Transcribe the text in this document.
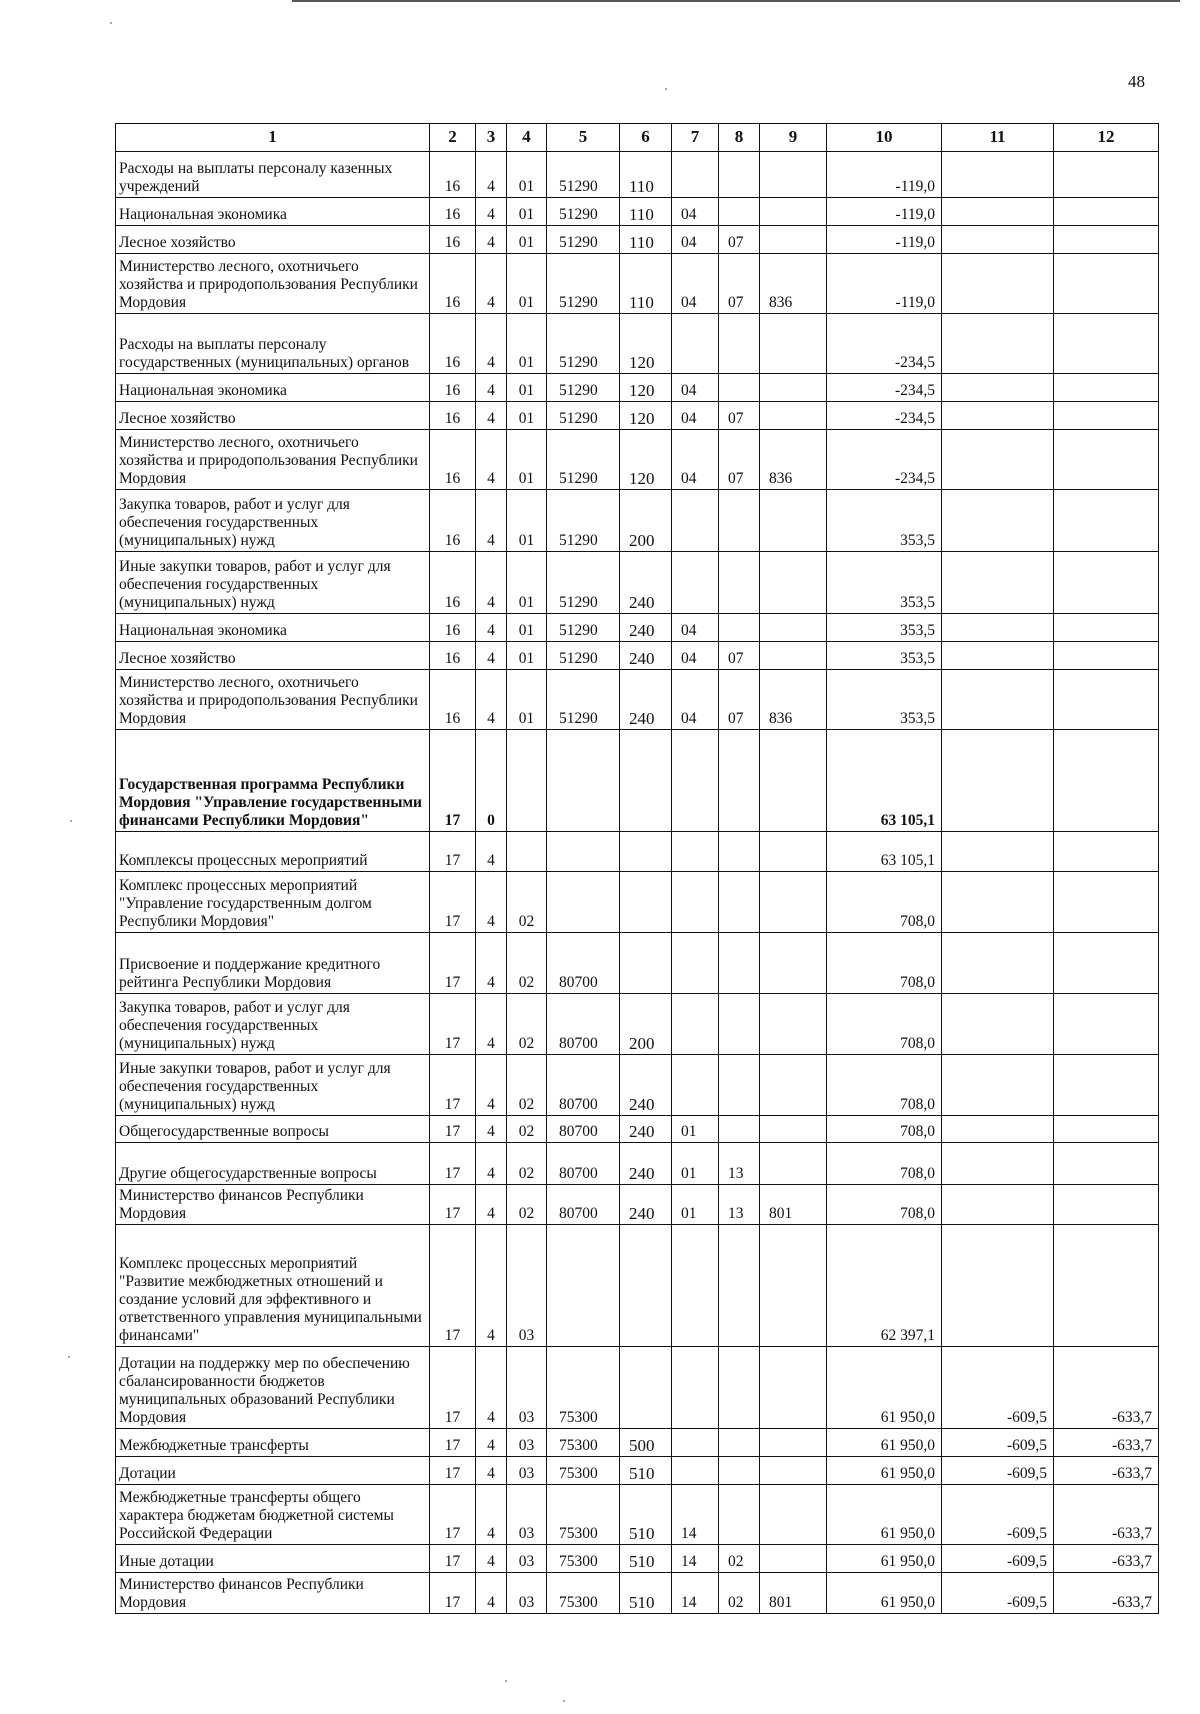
48
1	2	3	4	5	6	7	8	9	10	11	12
Расходы на выплаты персоналу казенных учреждений	16	4	01	51290	110				-119,0		
Национальная экономика	16	4	01	51290	110	04			-119,0		
Лесное хозяйство	16	4	01	51290	110	04	07		-119,0		
Министерство лесного, охотничьего хозяйства и природопользования Республики Мордовия	16	4	01	51290	110	04	07	836	-119,0		
Расходы на выплаты персоналу государственных (муниципальных) органов	16	4	01	51290	120				-234,5		
Национальная экономика	16	4	01	51290	120	04			-234,5		
Лесное хозяйство	16	4	01	51290	120	04	07		-234,5		
Министерство лесного, охотничьего хозяйства и природопользования Республики Мордовия	16	4	01	51290	120	04	07	836	-234,5		
Закупка товаров, работ и услуг для обеспечения государственных (муниципальных) нужд	16	4	01	51290	200				353,5		
Иные закупки товаров, работ и услуг для обеспечения государственных (муниципальных) нужд	16	4	01	51290	240				353,5		
Национальная экономика	16	4	01	51290	240	04			353,5		
Лесное хозяйство	16	4	01	51290	240	04	07		353,5		
Министерство лесного, охотничьего хозяйства и природопользования Республики Мордовия	16	4	01	51290	240	04	07	836	353,5		
Государственная программа Республики Мордовия "Управление государственными финансами Республики Мордовия"	17	0							63 105,1		
Комплексы процессных мероприятий	17	4							63 105,1		
Комплекс процессных мероприятий "Управление государственным долгом Республики Мордовия"	17	4	02						708,0		
Присвоение и поддержание кредитного рейтинга Республики Мордовия	17	4	02	80700					708,0		
Закупка товаров, работ и услуг для обеспечения государственных (муниципальных) нужд	17	4	02	80700	200				708,0		
Иные закупки товаров, работ и услуг для обеспечения государственных (муниципальных) нужд	17	4	02	80700	240				708,0		
Общегосударственные вопросы	17	4	02	80700	240	01			708,0		
Другие общегосударственные вопросы	17	4	02	80700	240	01	13		708,0		
Министерство финансов Республики Мордовия	17	4	02	80700	240	01	13	801	708,0		
Комплекс процессных мероприятий "Развитие межбюджетных отношений и создание условий для эффективного и ответственного управления муниципальными финансами"	17	4	03						62 397,1		
Дотации на поддержку мер по обеспечению сбалансированности бюджетов муниципальных образований Республики Мордовия	17	4	03	75300					61 950,0	-609,5	-633,7
Межбюджетные трансферты	17	4	03	75300	500				61 950,0	-609,5	-633,7
Дотации	17	4	03	75300	510				61 950,0	-609,5	-633,7
Межбюджетные трансферты общего характера бюджетам бюджетной системы Российской Федерации	17	4	03	75300	510	14			61 950,0	-609,5	-633,7
Иные дотации	17	4	03	75300	510	14	02		61 950,0	-609,5	-633,7
Министерство финансов Республики Мордовия	17	4	03	75300	510	14	02	801	61 950,0	-609,5	-633,7
